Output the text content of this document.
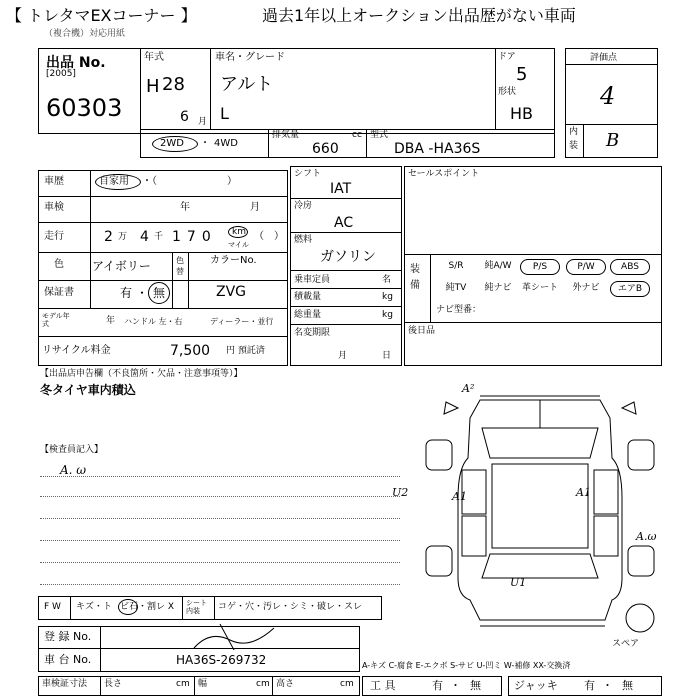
【 トレタマEXコーナー 】	過去1年以上オークション出品歴がない車両
（複合機）対応用紙
出品 No.
[2005]
60303
年式
H 28
6 月
車名・グレード
アルト
L
ドア
5
形状
HB
評価点
4
内
装 B
2WD ・ 4WD
排気量	cc
660
型式
DBA -HA36S
車歴	自家用 ・（　　　　　　　）
車検	年	月
走行	2 万 4 千 170 km
マイル
（　）
色 アイボリー	色替
カラーNo.
ZVG
保証書	有 ・ 無
モデル年式	年 ハンドル 左・右	ディーラー・並行
リサイクル料金	7,500 円 預託済
シフト
IAT
冷房
AC
燃料
ガソリン
乗車定員	名
積載量	kg
総重量	kg
名変期限
月	日
セールスポイント
装備
S/R	純A/W	P/S	P/W	ABS
純TV	純ナビ	革シート	外ナビ	エアB
ナビ型番：
後日品
【出品店申告欄（不良箇所・欠品・注意事項等）】
冬タイヤ車内積込
【検査員記入】
A. ω
A²
U2	A1	A1
U1
A.ω
スペア
F W キズ・ト ビ石 ・割レ X シート内装	コゲ・穴・汚レ・シミ・破レ・スレ
登 録 No.
車 台 No.	HA36S-269732
車検証寸法 長さ	cm 幅	cm 高さ	cm
A-キズ C-腐食 E-エクボ S-サビ U-凹ミ W-補修 XX-交換済
工 具	有 ・ 無	ジャッキ 有 ・ 無
